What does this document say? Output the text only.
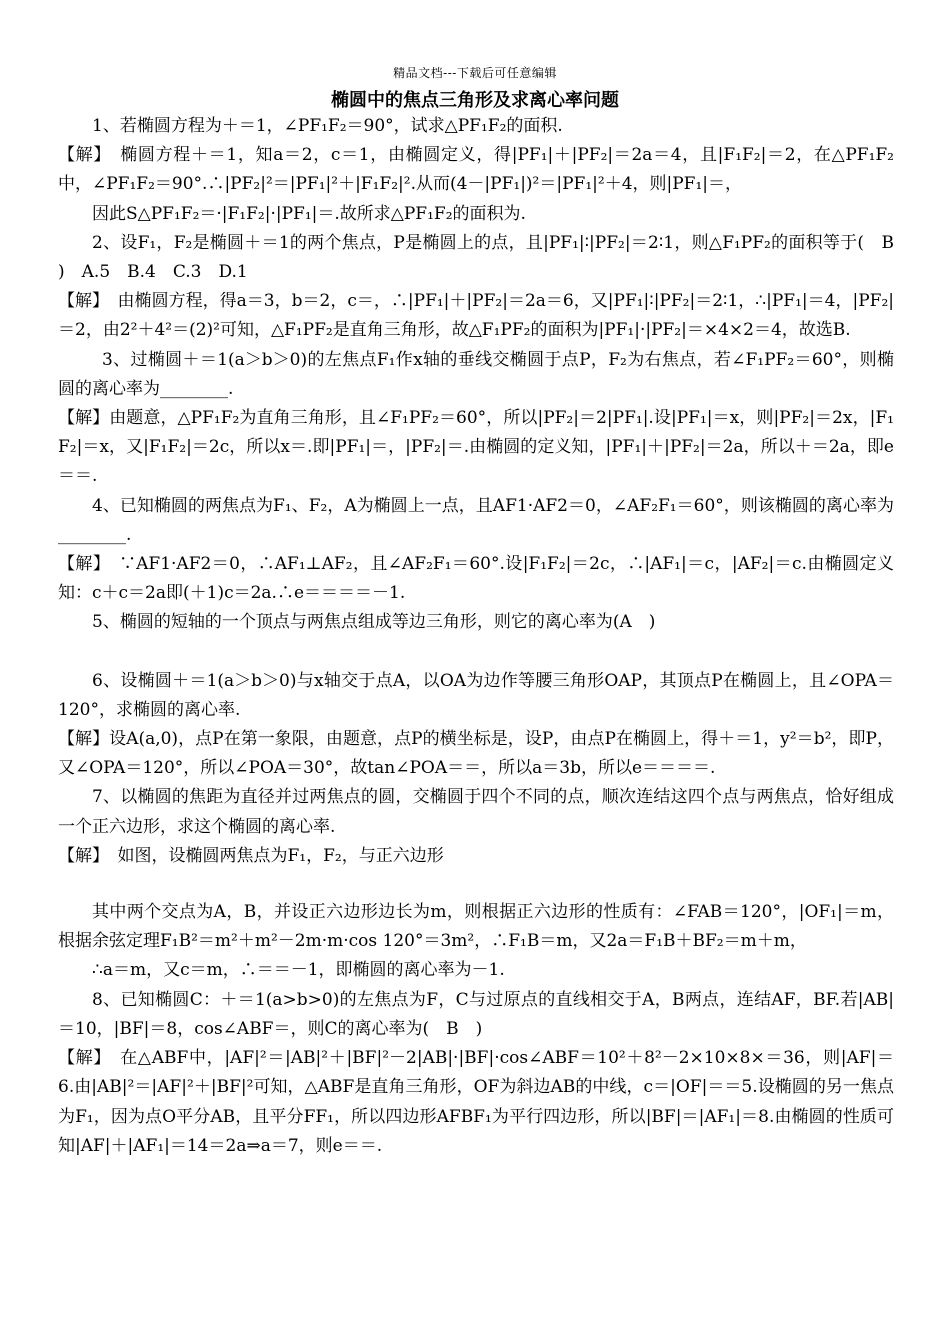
精品文档---下载后可任意编辑
椭圆中的焦点三角形及求离心率问题

1、若椭圆方程为＋＝1，∠PF₁F₂＝90°，试求△PF₁F₂的面积.

【解】　椭圆方程＋＝1，知a＝2，c＝1，由椭圆定义，得|PF₁|＋|PF₂|＝2a＝4，且|F₁F₂|＝2，在△PF₁F₂中，∠PF₁F₂＝90°.∴|PF₂|²＝|PF₁|²＋|F₁F₂|².从而(4－|PF₁|)²＝|PF₁|²＋4，则|PF₁|＝，

因此S△PF₁F₂＝·|F₁F₂|·|PF₁|＝.故所求△PF₁F₂的面积为.

2、设F₁，F₂是椭圆＋＝1的两个焦点，P是椭圆上的点，且|PF₁|∶|PF₂|＝2∶1，则△F₁PF₂的面积等于(　B　)　A.5　B.4　C.3　D.1

【解】　由椭圆方程，得a＝3，b＝2，c＝，∴|PF₁|＋|PF₂|＝2a＝6，又|PF₁|∶|PF₂|＝2∶1，∴|PF₁|＝4，|PF₂|＝2，由2²＋4²＝(2)²可知，△F₁PF₂是直角三角形，故△F₁PF₂的面积为|PF₁|·|PF₂|＝×4×2＝4，故选B.

3、过椭圆＋＝1(a＞b＞0)的左焦点F₁作x轴的垂线交椭圆于点P，F₂为右焦点，若∠F₁PF₂＝60°，则椭圆的离心率为________.

【解】由题意，△PF₁F₂为直角三角形，且∠F₁PF₂＝60°，所以|PF₂|＝2|PF₁|.设|PF₁|＝x，则|PF₂|＝2x，|F₁F₂|＝x，又|F₁F₂|＝2c，所以x＝.即|PF₁|＝，|PF₂|＝.由椭圆的定义知，|PF₁|＋|PF₂|＝2a，所以＋＝2a，即e＝＝.

4、已知椭圆的两焦点为F₁、F₂，A为椭圆上一点，且AF1·AF2＝0，∠AF₂F₁＝60°，则该椭圆的离心率为________.

【解】　∵AF1·AF2＝0，∴AF₁⊥AF₂，且∠AF₂F₁＝60°.设|F₁F₂|＝2c，∴|AF₁|＝c，|AF₂|＝c.由椭圆定义知：c＋c＝2a即(＋1)c＝2a.∴e＝＝＝＝－1.

5、椭圆的短轴的一个顶点与两焦点组成等边三角形，则它的离心率为(A　)

6、设椭圆＋＝1(a＞b＞0)与x轴交于点A，以OA为边作等腰三角形OAP，其顶点P在椭圆上，且∠OPA＝120°，求椭圆的离心率.

【解】设A(a,0)，点P在第一象限，由题意，点P的横坐标是，设P，由点P在椭圆上，得＋＝1，y²＝b²，即P，又∠OPA＝120°，所以∠POA＝30°，故tan∠POA＝＝，所以a＝3b，所以e＝＝＝＝.

7、以椭圆的焦距为直径并过两焦点的圆，交椭圆于四个不同的点，顺次连结这四个点与两焦点，恰好组成一个正六边形，求这个椭圆的离心率.

【解】　如图，设椭圆两焦点为F₁，F₂，与正六边形

其中两个交点为A，B，并设正六边形边长为m，则根据正六边形的性质有：∠FAB＝120°，|OF₁|＝m，根据余弦定理F₁B²＝m²＋m²－2m·m·cos 120°＝3m²，∴F₁B＝m，又2a＝F₁B＋BF₂＝m＋m，

∴a＝m，又c＝m，∴＝＝－1，即椭圆的离心率为－1.

8、已知椭圆C：＋＝1(a>b>0)的左焦点为F，C与过原点的直线相交于A，B两点，连结AF，BF.若|AB|＝10，|BF|＝8，cos∠ABF＝，则C的离心率为(　B　)

【解】　在△ABF中，|AF|²＝|AB|²＋|BF|²－2|AB|·|BF|·cos∠ABF＝10²＋8²－2×10×8×＝36，则|AF|＝6.由|AB|²＝|AF|²＋|BF|²可知，△ABF是直角三角形，OF为斜边AB的中线，c＝|OF|＝＝5.设椭圆的另一焦点为F₁，因为点O平分AB，且平分FF₁，所以四边形AFBF₁为平行四边形，所以|BF|＝|AF₁|＝8.由椭圆的性质可知|AF|＋|AF₁|＝14＝2a⇒a＝7，则e＝＝.
